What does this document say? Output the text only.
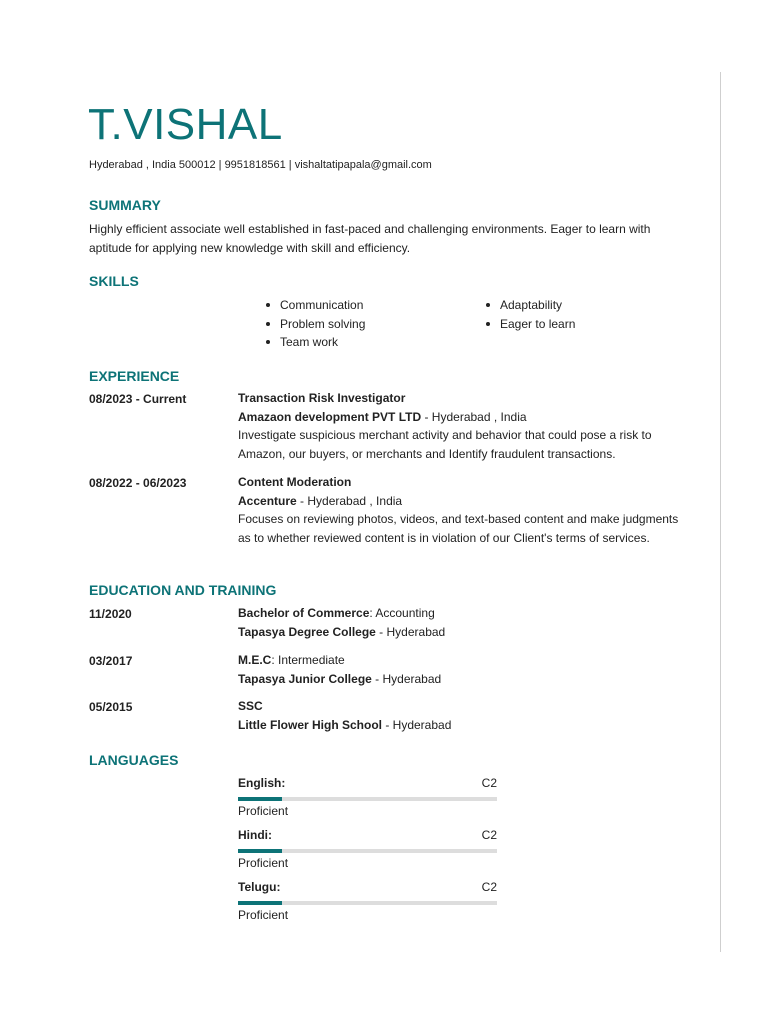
T.VISHAL
Hyderabad , India 500012 | 9951818561 | vishaltatipapala@gmail.com
SUMMARY
Highly efficient associate well established in fast-paced and challenging environments. Eager to learn with aptitude for applying new knowledge with skill and efficiency.
SKILLS
Communication
Problem solving
Team work
Adaptability
Eager to learn
EXPERIENCE
08/2023 - Current	Transaction Risk Investigator
Amazaon development PVT LTD - Hyderabad , India
Investigate suspicious merchant activity and behavior that could pose a risk to Amazon, our buyers, or merchants and Identify fraudulent transactions.
08/2022 - 06/2023	Content Moderation
Accenture - Hyderabad , India
Focuses on reviewing photos, videos, and text-based content and make judgments as to whether reviewed content is in violation of our Client's terms of services.
EDUCATION AND TRAINING
11/2020	Bachelor of Commerce: Accounting
Tapasya Degree College - Hyderabad
03/2017	M.E.C: Intermediate
Tapasya Junior College - Hyderabad
05/2015	SSC
Little Flower High School - Hyderabad
LANGUAGES
English:	C2
Proficient
Hindi:	C2
Proficient
Telugu:	C2
Proficient
